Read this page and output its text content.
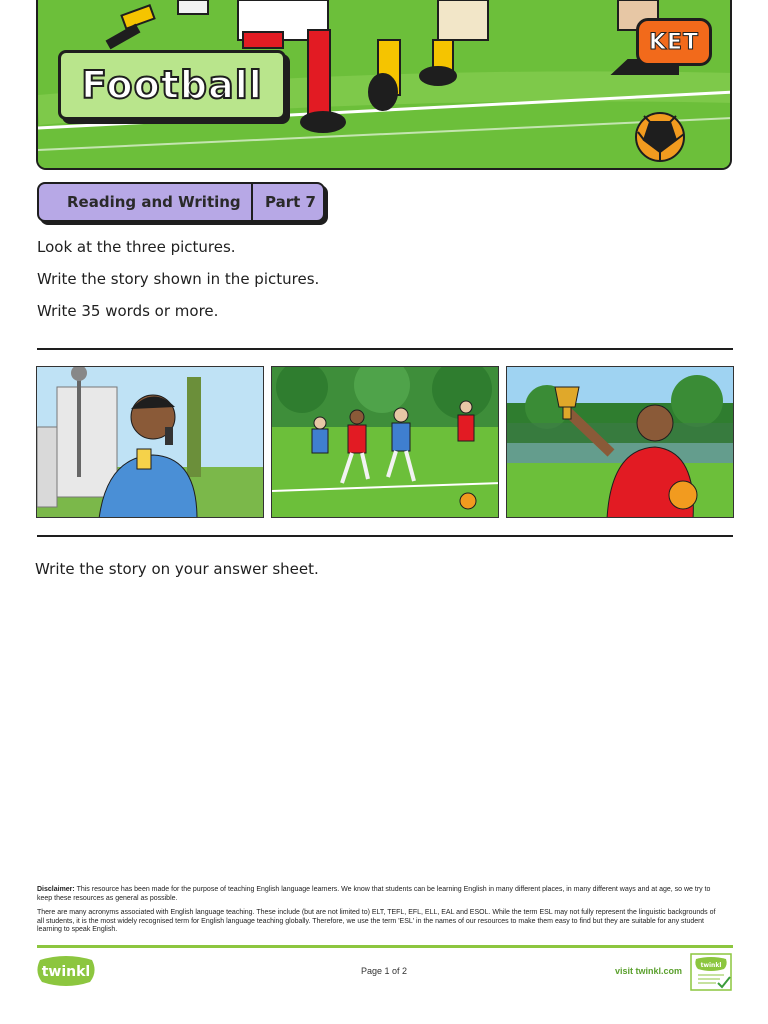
Football
KET
Reading and Writing Part 7
Look at the three pictures.
Write the story shown in the pictures.
Write 35 words or more.
Write the story on your answer sheet.

Disclaimer: This resource has been made for the purpose of teaching English language learners. We know that students can be learning English in many different places, in many different ways and at age, so we try to keep these resources as general as possible.

There are many acronyms associated with English language teaching. These include (but are not limited to) ELT, TEFL, EFL, ELL, EAL and ESOL. While the term ESL may not fully represent the linguistic backgrounds of all students, it is the most widely recognised term for English language teaching globally. Therefore, we use the term 'ESL' in the names of our resources to make them easy to find but they are suitable for any student learning to speak English.

twinkl	Page 1 of 2	visit twinkl.com
twinkl
